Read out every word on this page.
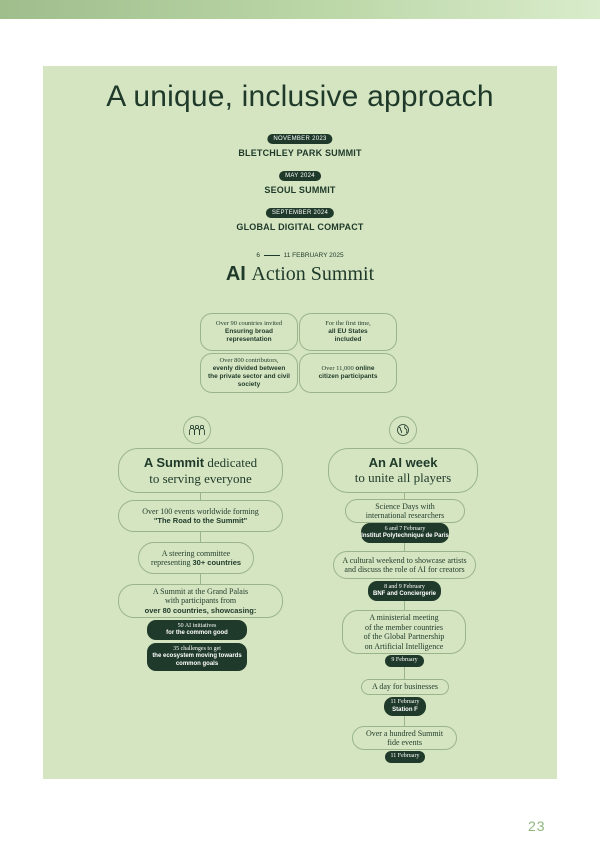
A unique, inclusive approach
NOVEMBER 2023
BLETCHLEY PARK SUMMIT
MAY 2024
SEOUL SUMMIT
SEPTEMBER 2024
GLOBAL DIGITAL COMPACT
6	11 FEBRUARY 2025
AI Action Summit
Over 90 countries invited
Ensuring broad
representation
For the first time,
all EU States
included
Over 800 contributors,
evenly divided between
the private sector and civil
society
Over 11,000 online
citizen participants
A Summit dedicated
to serving everyone
Over 100 events worldwide forming
"The Road to the Summit"
A steering committee
representing 30+ countries
A Summit at the Grand Palais
with participants from
over 80 countries, showcasing:
50 AI initiatives
for the common good
35 challenges to get
the ecosystem moving towards
common goals
An AI week
to unite all players
Science Days with
international researchers
6 and 7 February
Institut Polytechnique de Paris
A cultural weekend to showcase artists
and discuss the role of AI for creators
8 and 9 February
BNF and Conciergerie
A ministerial meeting
of the member countries
of the Global Partnership
on Artificial Intelligence
9 February
A day for businesses
11 February
Station F
Over a hundred Summit
fide events
11 February
23
